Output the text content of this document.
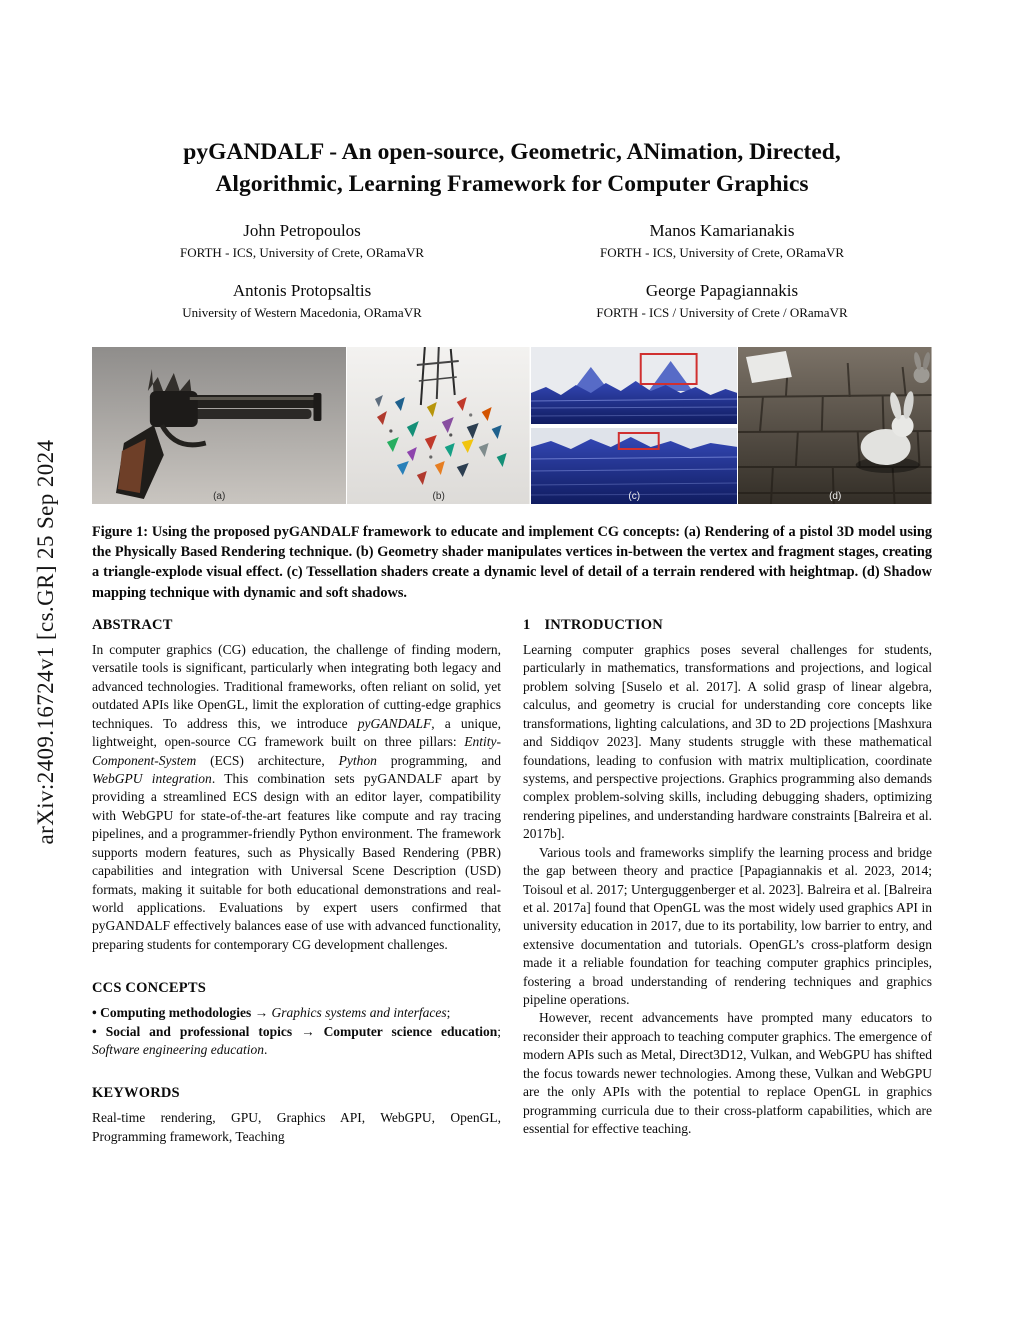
arXiv:2409.16724v1 [cs.GR] 25 Sep 2024
pyGANDALF - An open-source, Geometric, ANimation, Directed,
Algorithmic, Learning Framework for Computer Graphics
John Petropoulos
FORTH - ICS, University of Crete, ORamaVR
Manos Kamarianakis
FORTH - ICS, University of Crete, ORamaVR
Antonis Protopsaltis
University of Western Macedonia, ORamaVR
George Papagiannakis
FORTH - ICS / University of Crete / ORamaVR
(a)	(b)	(c)	(d)

Figure 1: Using the proposed pyGANDALF framework to educate and implement CG concepts: (a) Rendering of a pistol 3D model using the Physically Based Rendering technique. (b) Geometry shader manipulates vertices in-between the vertex and fragment stages, creating a triangle-explode visual effect. (c) Tessellation shaders create a dynamic level of detail of a terrain rendered with heightmap. (d) Shadow mapping technique with dynamic and soft shadows.

ABSTRACT

In computer graphics (CG) education, the challenge of finding modern, versatile tools is significant, particularly when integrating both legacy and advanced technologies. Traditional frameworks, often reliant on solid, yet outdated APIs like OpenGL, limit the exploration of cutting-edge graphics techniques. To address this, we introduce pyGANDALF, a unique, lightweight, open-source CG framework built on three pillars: Entity-Component-System (ECS) architecture, Python programming, and WebGPU integration. This combination sets pyGANDALF apart by providing a streamlined ECS design with an editor layer, compatibility with WebGPU for state-of-the-art features like compute and ray tracing pipelines, and a programmer-friendly Python environment. The framework supports modern features, such as Physically Based Rendering (PBR) capabilities and integration with Universal Scene Description (USD) formats, making it suitable for both educational demonstrations and real-world applications. Evaluations by expert users confirmed that pyGANDALF effectively balances ease of use with advanced functionality, preparing students for contemporary CG development challenges.

CCS CONCEPTS

• Computing methodologies → Graphics systems and interfaces;
• Social and professional topics → Computer science education; Software engineering education.

KEYWORDS

Real-time rendering, GPU, Graphics API, WebGPU, OpenGL, Programming framework, Teaching

1 INTRODUCTION

Learning computer graphics poses several challenges for students, particularly in mathematics, transformations and projections, and logical problem solving [Suselo et al. 2017]. A solid grasp of linear algebra, calculus, and geometry is crucial for understanding core concepts like transformations, lighting calculations, and 3D to 2D projections [Mashxura and Siddiqov 2023]. Many students struggle with these mathematical foundations, leading to confusion with matrix multiplication, coordinate systems, and perspective projections. Graphics programming also demands complex problem-solving skills, including debugging shaders, optimizing rendering pipelines, and understanding hardware constraints [Balreira et al. 2017b].

Various tools and frameworks simplify the learning process and bridge the gap between theory and practice [Papagiannakis et al. 2023, 2014; Toisoul et al. 2017; Unterguggenberger et al. 2023]. Balreira et al. [Balreira et al. 2017a] found that OpenGL was the most widely used graphics API in university education in 2017, due to its portability, low barrier to entry, and extensive documentation and tutorials. OpenGL’s cross-platform design made it a reliable foundation for teaching computer graphics principles, fostering a broad understanding of rendering techniques and graphics pipeline operations.

However, recent advancements have prompted many educators to reconsider their approach to teaching computer graphics. The emergence of modern APIs such as Metal, Direct3D12, Vulkan, and WebGPU has shifted the focus towards newer technologies. Among these, Vulkan and WebGPU are the only APIs with the potential to replace OpenGL in graphics programming curricula due to their cross-platform capabilities, which are essential for effective teaching.
